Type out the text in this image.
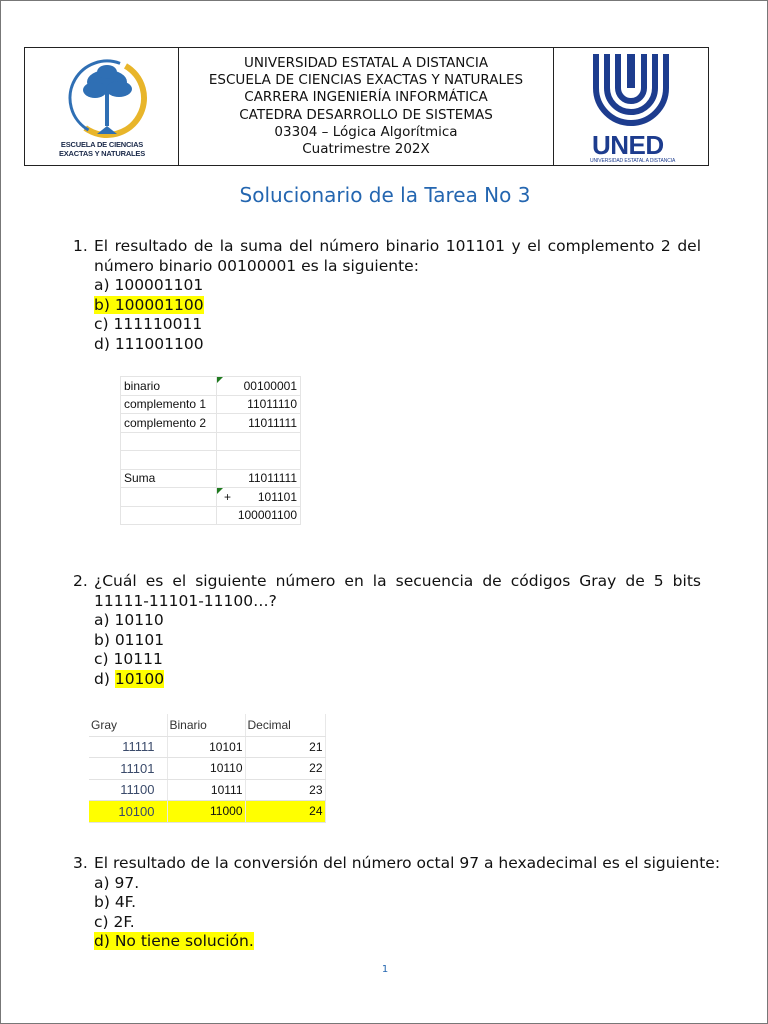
ESCUELA DE CIENCIAS
EXACTAS Y NATURALES
UNIVERSIDAD ESTATAL A DISTANCIA
ESCUELA DE CIENCIAS EXACTAS Y NATURALES
CARRERA INGENIERÍA INFORMÁTICA
CATEDRA DESARROLLO DE SISTEMAS
03304 – Lógica Algorítmica
Cuatrimestre 202X	UNED
UNIVERSIDAD ESTATAL A DISTANCIA
Solucionario de la Tarea No 3
1. El resultado de la suma del número binario 101101 y el complemento 2 del número binario 00100001 es la siguiente:
a) 100001101
b) 100001100
c) 111110011
d) 111001100
binario	00100001
complemento 1	11011110
complemento 2	11011111

Suma	11011111
	+ 101101

	100001100
2. ¿Cuál es el siguiente número en la secuencia de códigos Gray de 5 bits 11111-11101-11100…?
a) 10110
b) 01101
c) 10111
d) 10100
Gray	Binario	Decimal
11111	10101	21
11101	10110	22
11100	10111	23
10100	11000	24
3. El resultado de la conversión del número octal 97 a hexadecimal es el siguiente:
a) 97.
b) 4F.
c) 2F.
d) No tiene solución.
1
